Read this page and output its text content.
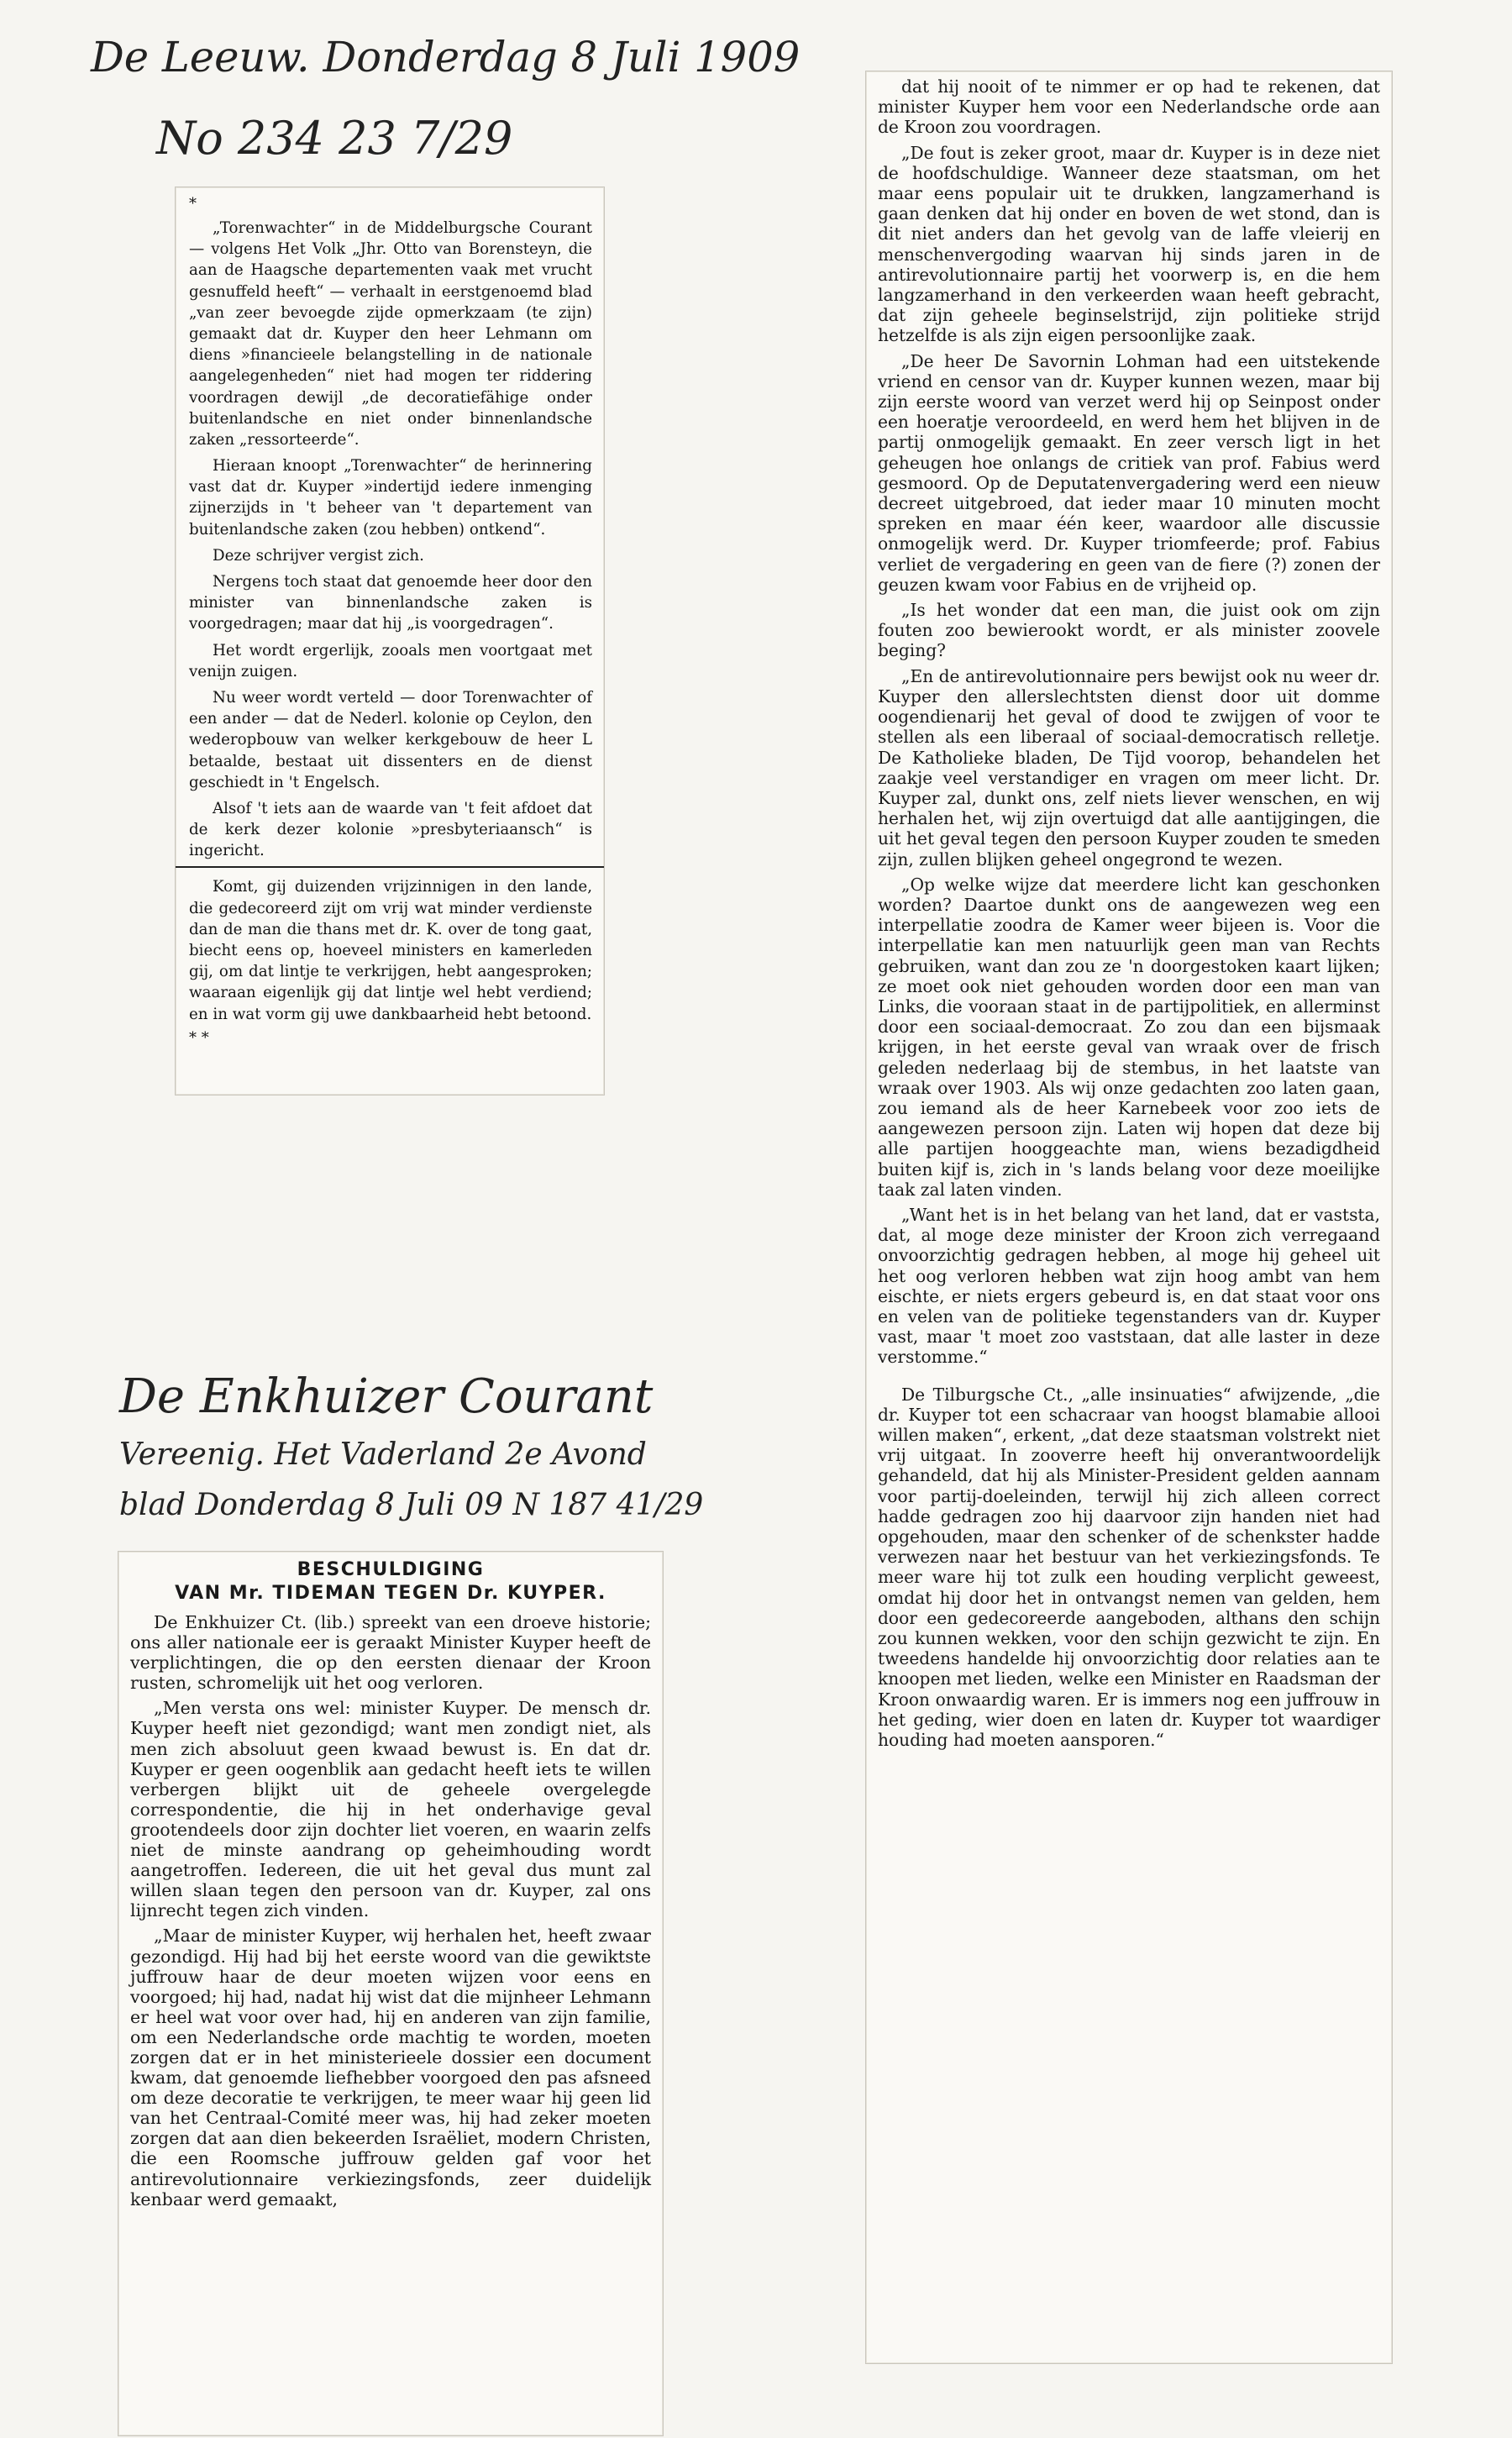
De Leeuw. Donderdag 8 Juli 1909
No 234 23 7/29

*

„Torenwachter“ in de Middelburgsche Courant — volgens Het Volk „Jhr. Otto van Borensteyn, die aan de Haagsche departementen vaak met vrucht gesnuffeld heeft“ — verhaalt in eerstgenoemd blad „van zeer bevoegde zijde opmerkzaam (te zijn) gemaakt dat dr. Kuyper den heer Lehmann om diens »financieele belangstelling in de nationale aangelegenheden“ niet had mogen ter riddering voordragen dewijl „de decoratiefähige onder buitenlandsche en niet onder binnenlandsche zaken „ressorteerde“.

Hieraan knoopt „Torenwachter“ de herinnering vast dat dr. Kuyper »indertijd iedere inmenging zijnerzijds in 't beheer van 't departement van buitenlandsche zaken (zou hebben) ontkend“.

Deze schrijver vergist zich.

Nergens toch staat dat genoemde heer door den minister van binnenlandsche zaken is voorgedragen; maar dat hij „is voorgedragen“.

Het wordt ergerlijk, zooals men voortgaat met venijn zuigen.

Nu weer wordt verteld — door Torenwachter of een ander — dat de Nederl. kolonie op Ceylon, den wederopbouw van welker kerkgebouw de heer L betaalde, bestaat uit dissenters en de dienst geschiedt in 't Engelsch.

Alsof 't iets aan de waarde van 't feit afdoet dat de kerk dezer kolonie »presbyteriaansch“ is ingericht.

Komt, gij duizenden vrijzinnigen in den lande, die gedecoreerd zijt om vrij wat minder verdienste dan de man die thans met dr. K. over de tong gaat, biecht eens op, hoeveel ministers en kamerleden gij, om dat lintje te verkrijgen, hebt aangesproken; waaraan eigenlijk gij dat lintje wel hebt verdiend; en in wat vorm gij uwe dankbaarheid hebt betoond.

* *

De Enkhuizer Courant
Vereenig. Het Vaderland 2e Avond
blad Donderdag 8 Juli 09 N 187 41/29
BESCHULDIGING
VAN Mr. TIDEMAN TEGEN Dr. KUYPER.

De Enkhuizer Ct. (lib.) spreekt van een droeve historie; ons aller nationale eer is geraakt Minister Kuyper heeft de verplichtingen, die op den eersten dienaar der Kroon rusten, schromelijk uit het oog verloren.

„Men versta ons wel: minister Kuyper. De mensch dr. Kuyper heeft niet gezondigd; want men zondigt niet, als men zich absoluut geen kwaad bewust is. En dat dr. Kuyper er geen oogenblik aan gedacht heeft iets te willen verbergen blijkt uit de geheele overgelegde correspondentie, die hij in het onderhavige geval grootendeels door zijn dochter liet voeren, en waarin zelfs niet de minste aandrang op geheimhouding wordt aangetroffen. Iedereen, die uit het geval dus munt zal willen slaan tegen den persoon van dr. Kuyper, zal ons lijnrecht tegen zich vinden.

„Maar de minister Kuyper, wij herhalen het, heeft zwaar gezondigd. Hij had bij het eerste woord van die gewiktste juffrouw haar de deur moeten wijzen voor eens en voorgoed; hij had, nadat hij wist dat die mijnheer Lehmann er heel wat voor over had, hij en anderen van zijn familie, om een Nederlandsche orde machtig te worden, moeten zorgen dat er in het ministerieele dossier een document kwam, dat genoemde liefhebber voorgoed den pas afsneed om deze decoratie te verkrijgen, te meer waar hij geen lid van het Centraal-Comité meer was, hij had zeker moeten zorgen dat aan dien bekeerden Israëliet, modern Christen, die een Roomsche juffrouw gelden gaf voor het antirevolutionnaire verkiezingsfonds, zeer duidelijk kenbaar werd gemaakt,

dat hij nooit of te nimmer er op had te rekenen, dat minister Kuyper hem voor een Nederlandsche orde aan de Kroon zou voordragen.

„De fout is zeker groot, maar dr. Kuyper is in deze niet de hoofdschuldige. Wanneer deze staatsman, om het maar eens populair uit te drukken, langzamerhand is gaan denken dat hij onder en boven de wet stond, dan is dit niet anders dan het gevolg van de laffe vleierij en menschenvergoding waarvan hij sinds jaren in de antirevolutionnaire partij het voorwerp is, en die hem langzamerhand in den verkeerden waan heeft gebracht, dat zijn geheele beginselstrijd, zijn politieke strijd hetzelfde is als zijn eigen persoonlijke zaak.

„De heer De Savornin Lohman had een uitstekende vriend en censor van dr. Kuyper kunnen wezen, maar bij zijn eerste woord van verzet werd hij op Seinpost onder een hoeratje veroordeeld, en werd hem het blijven in de partij onmogelijk gemaakt. En zeer versch ligt in het geheugen hoe onlangs de critiek van prof. Fabius werd gesmoord. Op de Deputatenvergadering werd een nieuw decreet uitgebroed, dat ieder maar 10 minuten mocht spreken en maar één keer, waardoor alle discussie onmogelijk werd. Dr. Kuyper triomfeerde; prof. Fabius verliet de vergadering en geen van de fiere (?) zonen der geuzen kwam voor Fabius en de vrijheid op.

„Is het wonder dat een man, die juist ook om zijn fouten zoo bewierookt wordt, er als minister zoovele beging?

„En de antirevolutionnaire pers bewijst ook nu weer dr. Kuyper den allerslechtsten dienst door uit domme oogendienarij het geval of dood te zwijgen of voor te stellen als een liberaal of sociaal-democratisch relletje. De Katholieke bladen, De Tijd voorop, behandelen het zaakje veel verstandiger en vragen om meer licht. Dr. Kuyper zal, dunkt ons, zelf niets liever wenschen, en wij herhalen het, wij zijn overtuigd dat alle aantijgingen, die uit het geval tegen den persoon Kuyper zouden te smeden zijn, zullen blijken geheel ongegrond te wezen.

„Op welke wijze dat meerdere licht kan geschonken worden? Daartoe dunkt ons de aangewezen weg een interpellatie zoodra de Kamer weer bijeen is. Voor die interpellatie kan men natuurlijk geen man van Rechts gebruiken, want dan zou ze 'n doorgestoken kaart lijken; ze moet ook niet gehouden worden door een man van Links, die vooraan staat in de partijpolitiek, en allerminst door een sociaal-democraat. Zo zou dan een bijsmaak krijgen, in het eerste geval van wraak over de frisch geleden nederlaag bij de stembus, in het laatste van wraak over 1903. Als wij onze gedachten zoo laten gaan, zou iemand als de heer Karnebeek voor zoo iets de aangewezen persoon zijn. Laten wij hopen dat deze bij alle partijen hooggeachte man, wiens bezadigdheid buiten kijf is, zich in 's lands belang voor deze moeilijke taak zal laten vinden.

„Want het is in het belang van het land, dat er vaststa, dat, al moge deze minister der Kroon zich verregaand onvoorzichtig gedragen hebben, al moge hij geheel uit het oog verloren hebben wat zijn hoog ambt van hem eischte, er niets ergers gebeurd is, en dat staat voor ons en velen van de politieke tegenstanders van dr. Kuyper vast, maar 't moet zoo vaststaan, dat alle laster in deze verstomme.“

De Tilburgsche Ct., „alle insinuaties“ afwijzende, „die dr. Kuyper tot een schacraar van hoogst blamabie allooi willen maken“, erkent, „dat deze staatsman volstrekt niet vrij uitgaat. In zooverre heeft hij onverantwoordelijk gehandeld, dat hij als Minister-President gelden aannam voor partij-doeleinden, terwijl hij zich alleen correct hadde gedragen zoo hij daarvoor zijn handen niet had opgehouden, maar den schenker of de schenkster hadde verwezen naar het bestuur van het verkiezingsfonds. Te meer ware hij tot zulk een houding verplicht geweest, omdat hij door het in ontvangst nemen van gelden, hem door een gedecoreerde aangeboden, althans den schijn zou kunnen wekken, voor den schijn gezwicht te zijn. En tweedens handelde hij onvoorzichtig door relaties aan te knoopen met lieden, welke een Minister en Raadsman der Kroon onwaardig waren. Er is immers nog een juffrouw in het geding, wier doen en laten dr. Kuyper tot waardiger houding had moeten aansporen.“
